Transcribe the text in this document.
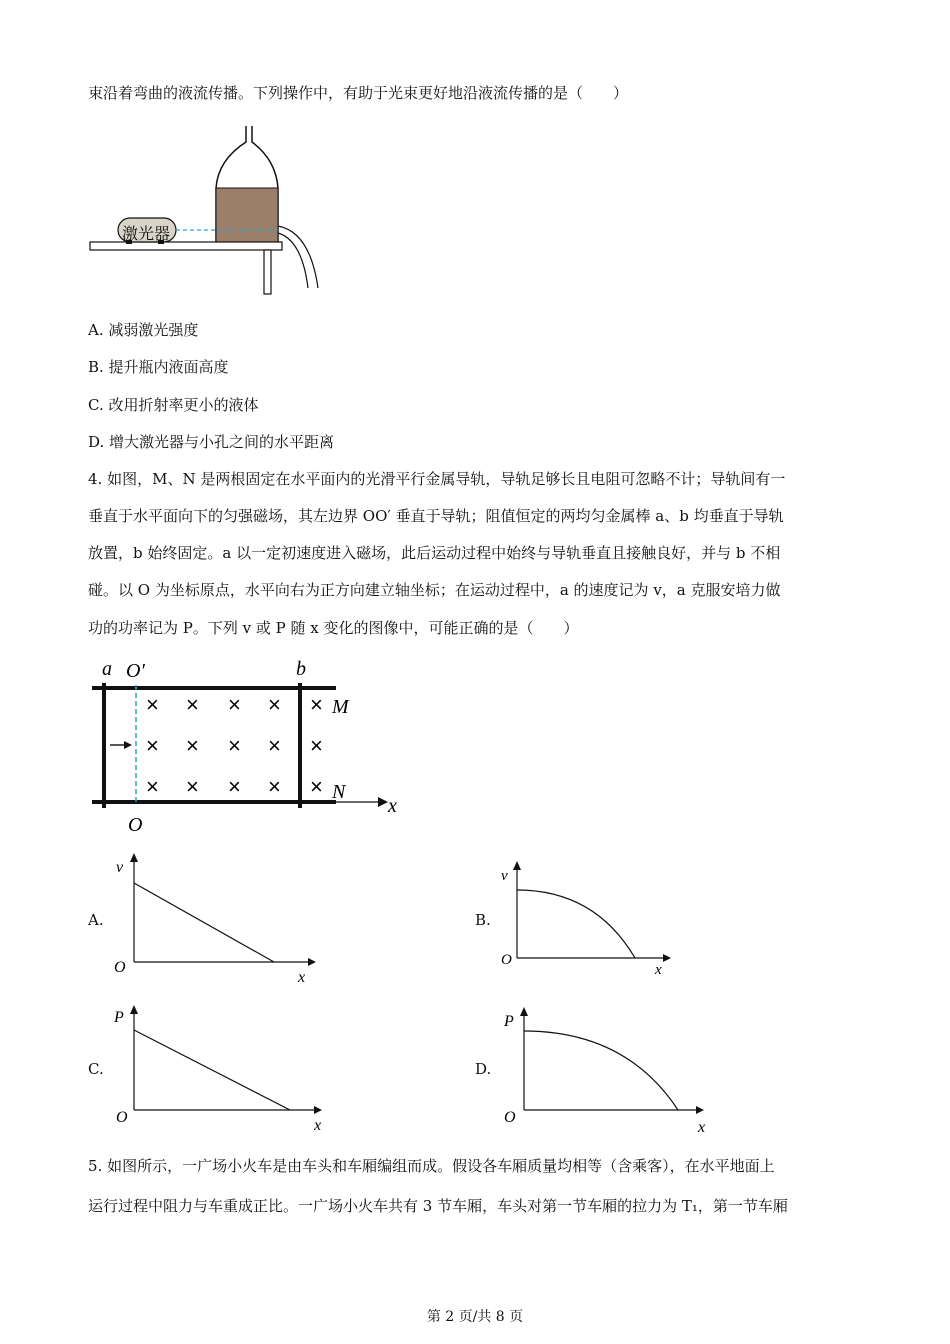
束沿着弯曲的液流传播。下列操作中，有助于光束更好地沿液流传播的是（　　）
激光器
A. 减弱激光强度
B. 提升瓶内液面高度
C. 改用折射率更小的液体
D. 增大激光器与小孔之间的水平距离
4. 如图，M、N 是两根固定在水平面内的光滑平行金属导轨，导轨足够长且电阻可忽略不计；导轨间有一
垂直于水平面向下的匀强磁场，其左边界 OO′ 垂直于导轨；阻值恒定的两均匀金属棒 a、b 均垂直于导轨
放置，b 始终固定。a 以一定初速度进入磁场，此后运动过程中始终与导轨垂直且接触良好，并与 b 不相
碰。以 O 为坐标原点，水平向右为正方向建立轴坐标；在运动过程中，a 的速度记为 v，a 克服安培力做
功的功率记为 P。下列 v 或 P 随 x 变化的图像中，可能正确的是（　　）
× × × × ×
× × × × ×
× × × × ×
a O′	b
M
N
x
O
A.	B.
C.	D.
v
O
x
v
O
x
P
O	x
P
O
x
5. 如图所示，一广场小火车是由车头和车厢编组而成。假设各车厢质量均相等（含乘客），在水平地面上
运行过程中阻力与车重成正比。一广场小火车共有 3 节车厢，车头对第一节车厢的拉力为 T₁，第一节车厢
第 2 页/共 8 页
